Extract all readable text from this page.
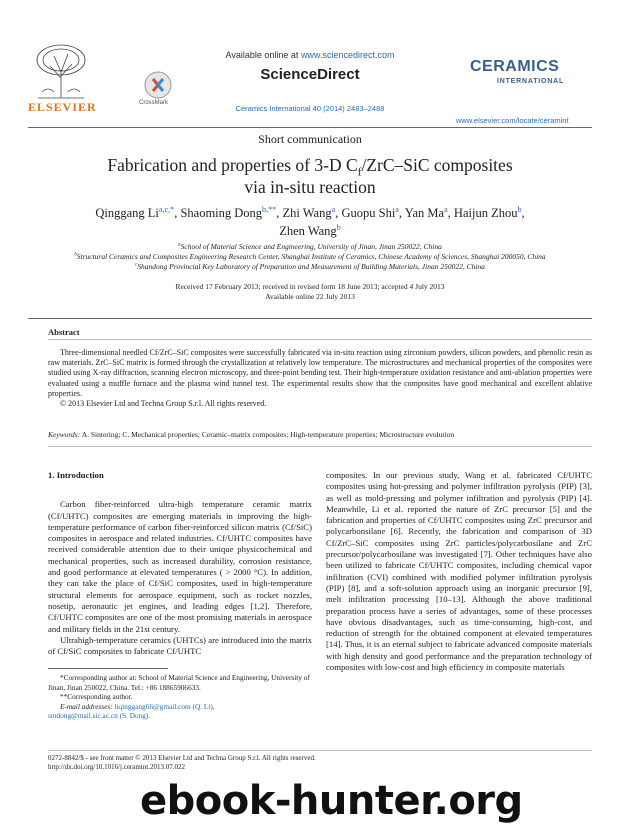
ELSEVIER
Available online at www.sciencedirect.com
CrossMark
ScienceDirect
Ceramics International 40 (2014) 2483–2488
CERAMICS
INTERNATIONAL
www.elsevier.com/locate/ceramint
Short communication
Fabrication and properties of 3-D $C_f/ZrC$–SiC composites
via in-situ reaction
Qinggang $Li^{a,c,*}$, Shaoming Dong$^{b,**}$, Zhi Wang$^a$, Guopu Shi$^a$, Yan Ma$^a$, Haijun Zhou$^b$,
Zhen Wang$^b$
$^a$School of Material Science and Engineering, University of Jinan, Jinan 250022, China
$^b$Structural Ceramics and Composites Engineering Research Center, Shanghai Institute of Ceramics, Chinese Academy of Sciences, Shanghai 200050, China
$^c$Shandong Provincial Key Laboratory of Preparation and Measurement of Building Materials, Jinan 250022, China
Received 17 February 2013; received in revised form 18 June 2013; accepted 4 July 2013
Available online 22 July 2013
Abstract
Three-dimensional needled Cf/ZrC–SiC composites were successfully fabricated via in-situ reaction using zirconium powders, silicon powders, and phenolic resin as raw materials. ZrC–SiC matrix is formed through the crystallization at relatively low temperature. The microstructures and mechanical properties of the composites were studied using X-ray diffraction, scanning electron microscopy, and three-point bending test. Their high-temperature oxidation resistance and anti-ablation properties were evaluated using a muffle furnace and the plasma wind tunnel test. The experimental results show that the composites have good mechanical and excellent ablative properties.
© 2013 Elsevier Ltd and Techna Group S.r.l. All rights reserved.
Keywords: A. Sintering; C. Mechanical properties; Ceramic–matrix composites; High-temperature properties; Microstructure evolution
1. Introduction
Carbon fiber-reinforced ultra-high temperature ceramic matrix (Cf/UHTC) composites are emerging materials in improving the high-temperature performance of carbon fiber-reinforced silicon matrix (Cf/SiC) composites in aerospace and related industries. Cf/UHTC composites have received considerable attention due to their unique physicochemical and mechanical properties, such as increased durability, corrosion resistance, and good performance at elevated temperatures ( > 2000 °C). In addition, they can take the place of Cf/SiC composites, used in high-temperature structural elements for aerospace equipment, such as rocket nozzles, nosetip, aeronautic jet engines, and leading edges [1,2]. Therefore, Cf/UHTC composites are one of the most promising materials in aerospace and military fields in the 21st century.
Ultrahigh-temperature ceramics (UHTCs) are introduced into the matrix of Cf/SiC composites to fabricate Cf/UHTC
composites. In our previous study, Wang et al. fabricated Cf/UHTC composites using hot-pressing and polymer infiltration pyrolysis (PIP) [3], as well as mold-pressing and polymer infiltration and pyrolysis (PIP) [4]. Meanwhile, Li et al. reported the nature of ZrC precursor [5] and the fabrication and properties of Cf/UHTC composites using ZrC precursor and polycarbonsilane [6]. Recently, the fabrication and comparison of 3D Cf/ZrC–SiC composites using ZrC particles/polycarbosilane and ZrC precursor/polycarbosilane was investigated [7]. Other techniques have also been utilized to fabricate Cf/UHTC composites, including chemical vapor infiltration (CVI) combined with modified polymer infiltration pyrolysis (PIP) [8], and a soft-solution approach using an inorganic precursor [9], melt infiltration processing [10–13]. Although the above traditional preparation process have a series of advantages, some of these processes have obvious disadvantages, such as time-consuming, high-cost, and reduction of strength for the obtained component at elevated temperatures [14]. Thus, it is an eternal subject to fabricate advanced composite materials with high density and good performance and the preparation technology of composites with low-cost and high efficiency in composite materials
*Corresponding author at: School of Material Science and Engineering, University of Jinan, Jinan 250022, China. Tel.: +86 18865906633.
**Corresponding author.
E-mail addresses: liqinggang66@gmail.com (Q. Li),
smdong@mail.sic.ac.cn (S. Dong).
0272-8842/$ - see front matter © 2013 Elsevier Ltd and Techna Group S.r.l. All rights reserved.
http://dx.doi.org/10.1016/j.ceramint.2013.07.022
ebook-hunter.org
